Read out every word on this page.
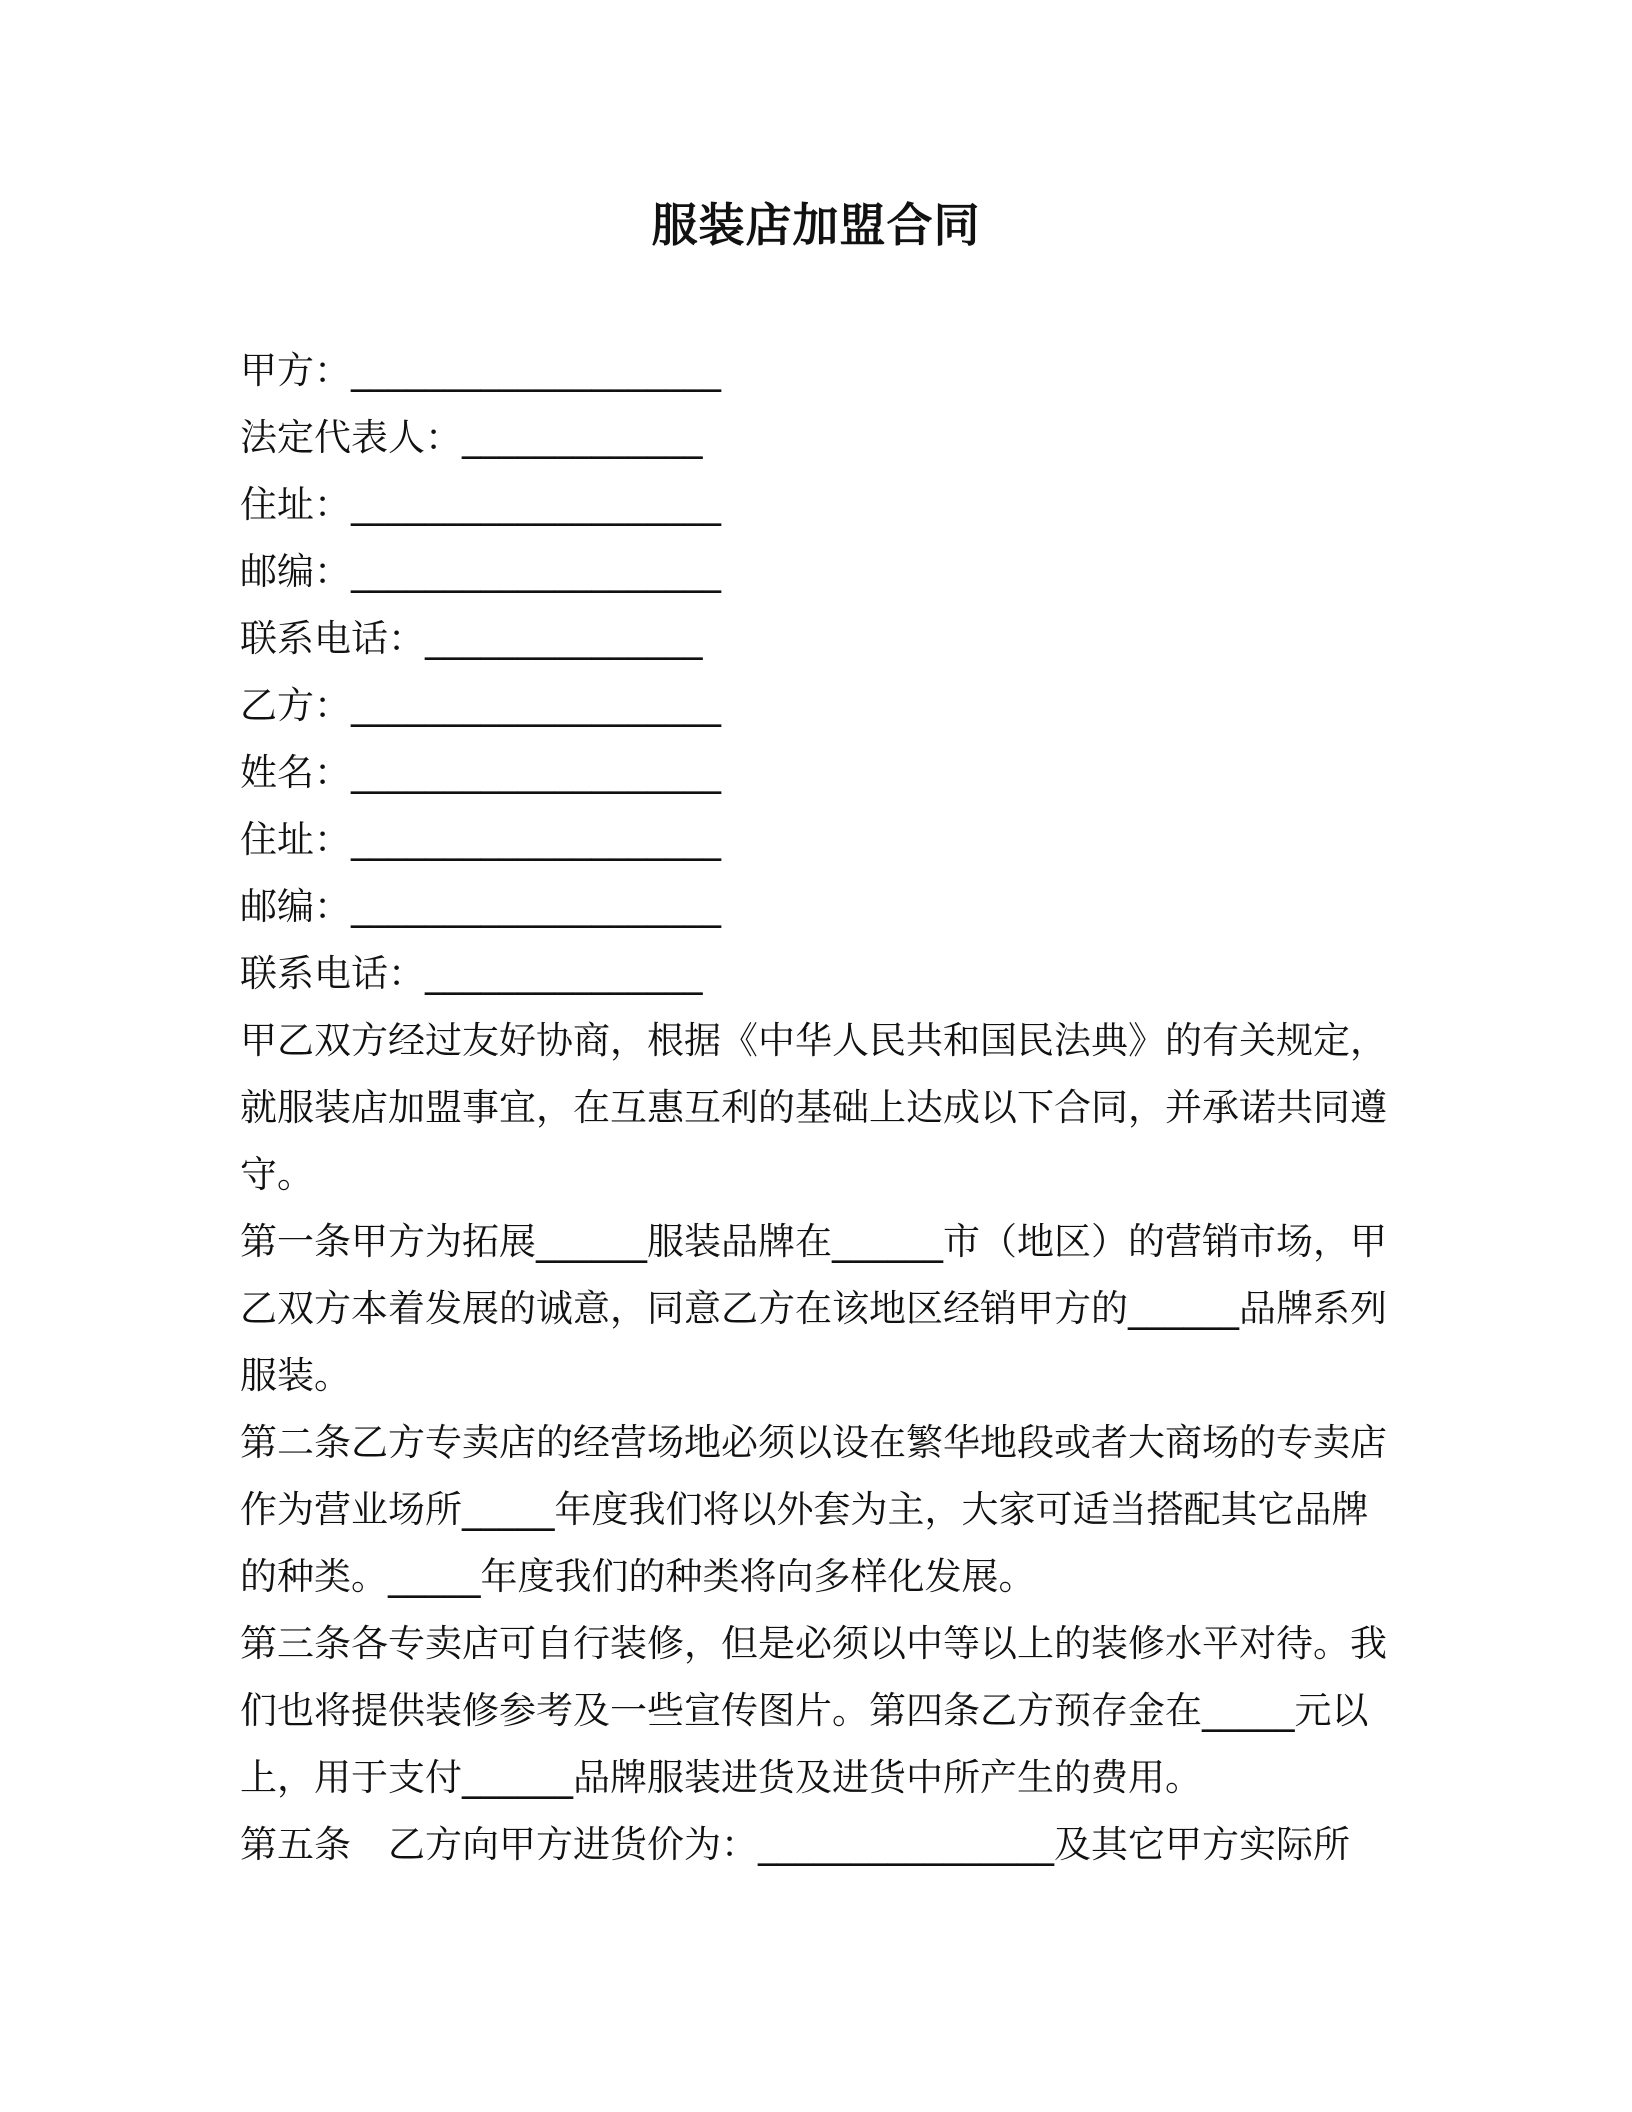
服装店加盟合同

甲方：____________________

法定代表人：_____________

住址：____________________

邮编：____________________

联系电话：_______________

乙方：____________________

姓名：____________________

住址：____________________

邮编：____________________

联系电话：_______________

甲乙双方经过友好协商，根据《中华人民共和国民法典》的有关规定，就服装店加盟事宜，在互惠互利的基础上达成以下合同，并承诺共同遵守。

第一条甲方为拓展______服装品牌在______市（地区）的营销市场，甲乙双方本着发展的诚意，同意乙方在该地区经销甲方的______品牌系列服装。

第二条乙方专卖店的经营场地必须以设在繁华地段或者大商场的专卖店作为营业场所_____年度我们将以外套为主，大家可适当搭配其它品牌的种类。_____年度我们的种类将向多样化发展。

第三条各专卖店可自行装修，但是必须以中等以上的装修水平对待。我们也将提供装修参考及一些宣传图片。第四条乙方预存金在_____元以上，用于支付______品牌服装进货及进货中所产生的费用。

第五条　乙方向甲方进货价为：________________及其它甲方实际所
